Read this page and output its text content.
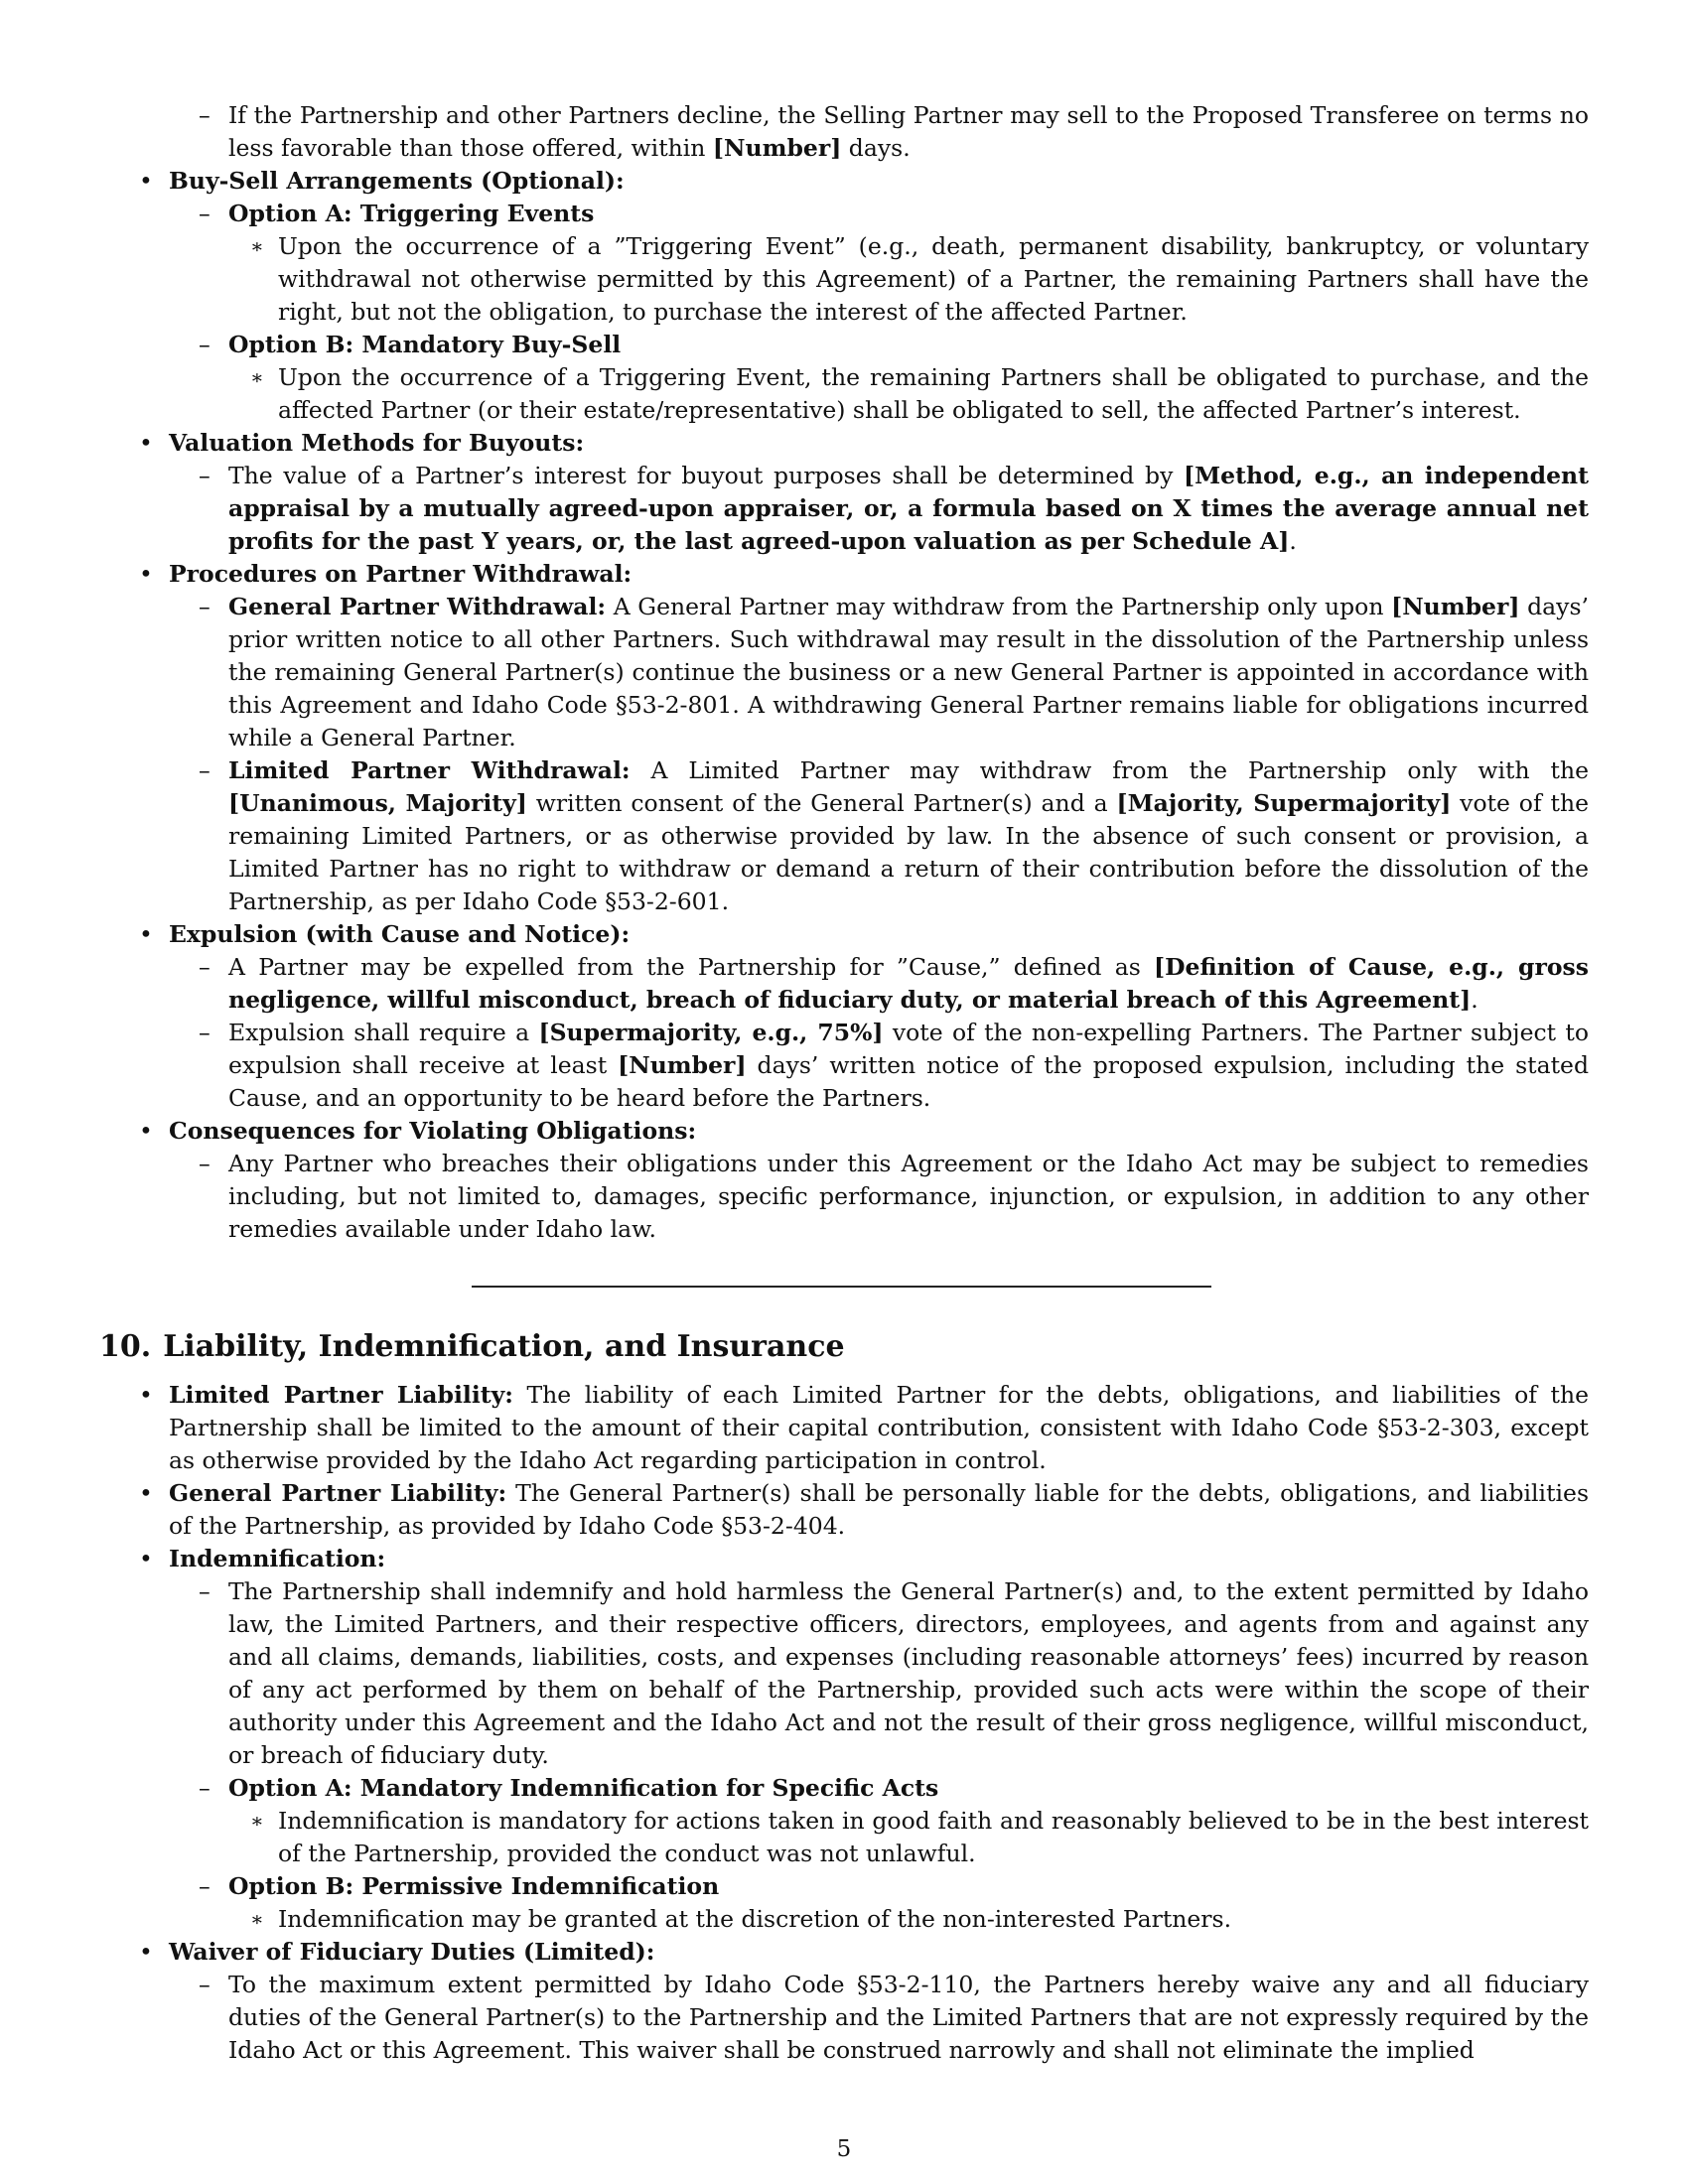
– If the Partnership and other Partners decline, the Selling Partner may sell to the Proposed Transferee on terms no less favorable than those offered, within [Number] days.
• Buy-Sell Arrangements (Optional):
– Option A: Triggering Events
∗ Upon the occurrence of a ”Triggering Event” (e.g., death, permanent disability, bankruptcy, or voluntary withdrawal not otherwise permitted by this Agreement) of a Partner, the remaining Partners shall have the right, but not the obligation, to purchase the interest of the affected Partner.
– Option B: Mandatory Buy-Sell
∗ Upon the occurrence of a Triggering Event, the remaining Partners shall be obligated to purchase, and the affected Partner (or their estate/representative) shall be obligated to sell, the affected Partner’s interest.
• Valuation Methods for Buyouts:
– The value of a Partner’s interest for buyout purposes shall be determined by [Method, e.g., an independent appraisal by a mutually agreed-upon appraiser, or, a formula based on X times the average annual net profits for the past Y years, or, the last agreed-upon valuation as per Schedule A].
• Procedures on Partner Withdrawal:
– General Partner Withdrawal: A General Partner may withdraw from the Partnership only upon [Number] days’ prior written notice to all other Partners. Such withdrawal may result in the dissolution of the Partnership unless the remaining General Partner(s) continue the business or a new General Partner is appointed in accordance with this Agreement and Idaho Code §53-2-801. A withdrawing General Partner remains liable for obligations incurred while a General Partner.
– Limited Partner Withdrawal: A Limited Partner may withdraw from the Partnership only with the [Unanimous, Majority] written consent of the General Partner(s) and a [Majority, Supermajority] vote of the remaining Limited Partners, or as otherwise provided by law. In the absence of such consent or provision, a Limited Partner has no right to withdraw or demand a return of their contribution before the dissolution of the Partnership, as per Idaho Code §53-2-601.
• Expulsion (with Cause and Notice):
– A Partner may be expelled from the Partnership for ”Cause,” defined as [Definition of Cause, e.g., gross negligence, willful misconduct, breach of fiduciary duty, or material breach of this Agreement].
– Expulsion shall require a [Supermajority, e.g., 75%] vote of the non-expelling Partners. The Partner subject to expulsion shall receive at least [Number] days’ written notice of the proposed expulsion, including the stated Cause, and an opportunity to be heard before the Partners.
• Consequences for Violating Obligations:
– Any Partner who breaches their obligations under this Agreement or the Idaho Act may be subject to remedies including, but not limited to, damages, specific performance, injunction, or expulsion, in addition to any other remedies available under Idaho law.
10. Liability, Indemnification, and Insurance
• Limited Partner Liability: The liability of each Limited Partner for the debts, obligations, and liabilities of the Partnership shall be limited to the amount of their capital contribution, consistent with Idaho Code §53-2-303, except as otherwise provided by the Idaho Act regarding participation in control.
• General Partner Liability: The General Partner(s) shall be personally liable for the debts, obligations, and liabilities of the Partnership, as provided by Idaho Code §53-2-404.
• Indemnification:
– The Partnership shall indemnify and hold harmless the General Partner(s) and, to the extent permitted by Idaho law, the Limited Partners, and their respective officers, directors, employees, and agents from and against any and all claims, demands, liabilities, costs, and expenses (including reasonable attorneys’ fees) incurred by reason of any act performed by them on behalf of the Partnership, provided such acts were within the scope of their authority under this Agreement and the Idaho Act and not the result of their gross negligence, willful misconduct, or breach of fiduciary duty.
– Option A: Mandatory Indemnification for Specific Acts
∗ Indemnification is mandatory for actions taken in good faith and reasonably believed to be in the best interest of the Partnership, provided the conduct was not unlawful.
– Option B: Permissive Indemnification
∗ Indemnification may be granted at the discretion of the non-interested Partners.
• Waiver of Fiduciary Duties (Limited):
– To the maximum extent permitted by Idaho Code §53-2-110, the Partners hereby waive any and all fiduciary duties of the General Partner(s) to the Partnership and the Limited Partners that are not expressly required by the Idaho Act or this Agreement. This waiver shall be construed narrowly and shall not eliminate the implied
5
